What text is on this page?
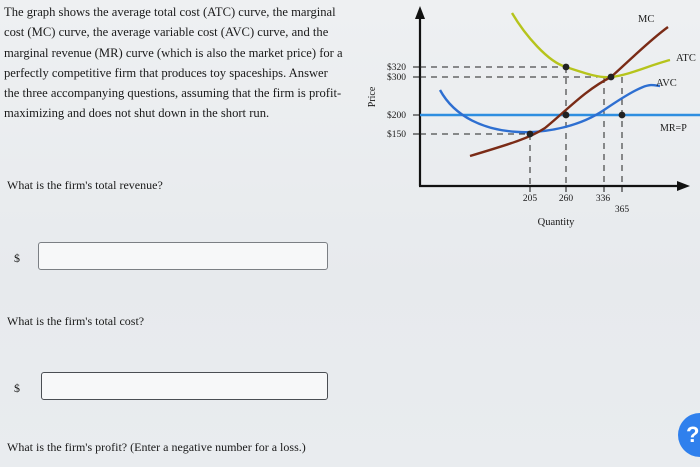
The graph shows the average total cost (ATC) curve, the marginal cost (MC) curve, the average variable cost (AVC) curve, and the marginal revenue (MR) curve (which is also the market price) for a perfectly competitive firm that produces toy spaceships. Answer the three accompanying questions, assuming that the firm is profit-maximizing and does not shut down in the short run.

Price
Quantity
$320
$300
$200
$150
205 260 336
365
MC
ATC
AVC
MR=P

What is the firm's total revenue?

$

What is the firm's total cost?

$

What is the firm's profit? (Enter a negative number for a loss.)	?
